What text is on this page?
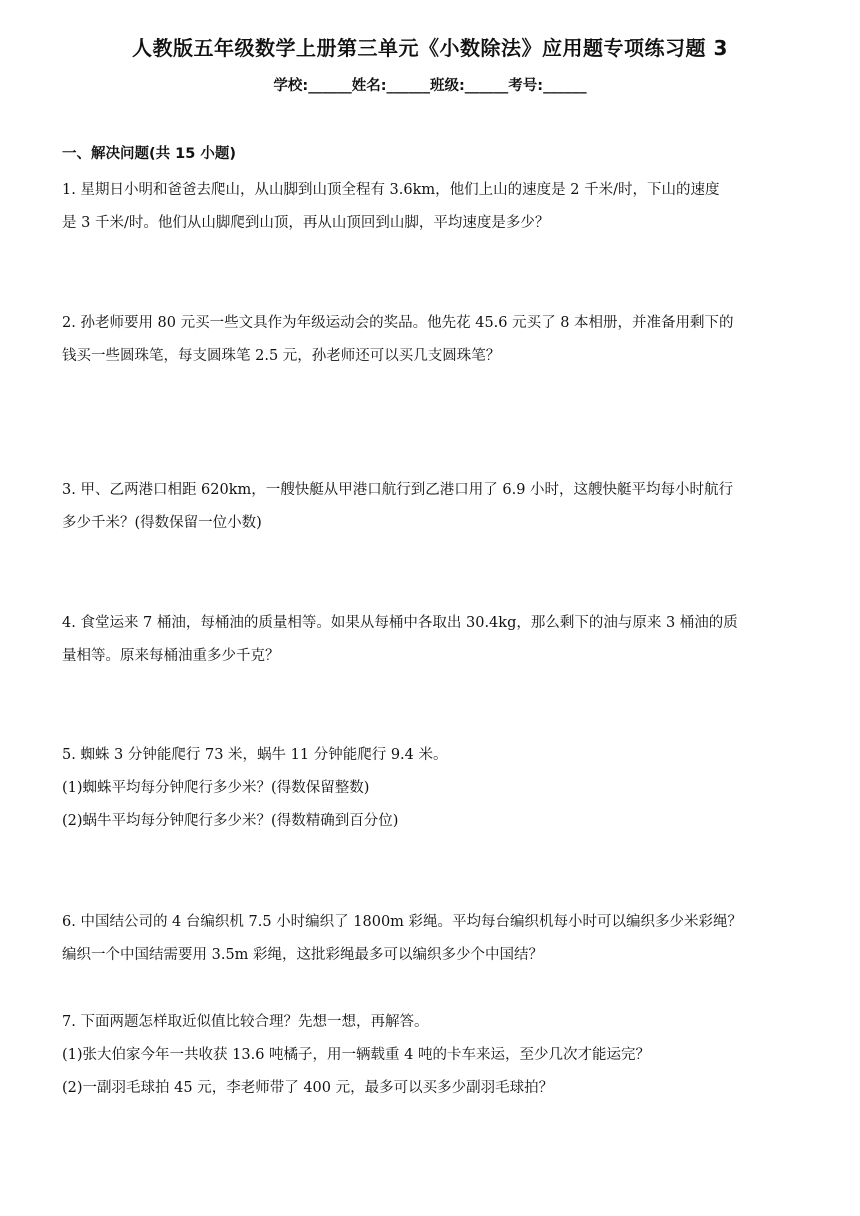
人教版五年级数学上册第三单元《小数除法》应用题专项练习题 3
学校:______姓名:______班级:______考号:______
一、解决问题(共 15 小题)
1. 星期日小明和爸爸去爬山，从山脚到山顶全程有 3.6km，他们上山的速度是 2 千米/时，下山的速度
是 3 千米/时。他们从山脚爬到山顶，再从山顶回到山脚，平均速度是多少？
2. 孙老师要用 80 元买一些文具作为年级运动会的奖品。他先花 45.6 元买了 8 本相册，并准备用剩下的
钱买一些圆珠笔，每支圆珠笔 2.5 元，孙老师还可以买几支圆珠笔？
3. 甲、乙两港口相距 620km，一艘快艇从甲港口航行到乙港口用了 6.9 小时，这艘快艇平均每小时航行
多少千米？(得数保留一位小数)
4. 食堂运来 7 桶油，每桶油的质量相等。如果从每桶中各取出 30.4kg，那么剩下的油与原来 3 桶油的质
量相等。原来每桶油重多少千克？
5. 蜘蛛 3 分钟能爬行 73 米，蜗牛 11 分钟能爬行 9.4 米。
(1)蜘蛛平均每分钟爬行多少米？(得数保留整数)
(2)蜗牛平均每分钟爬行多少米？(得数精确到百分位)
6. 中国结公司的 4 台编织机 7.5 小时编织了 1800m 彩绳。平均每台编织机每小时可以编织多少米彩绳？
编织一个中国结需要用 3.5m 彩绳，这批彩绳最多可以编织多少个中国结？
7. 下面两题怎样取近似值比较合理？先想一想，再解答。
(1)张大伯家今年一共收获 13.6 吨橘子，用一辆载重 4 吨的卡车来运，至少几次才能运完？
(2)一副羽毛球拍 45 元，李老师带了 400 元，最多可以买多少副羽毛球拍？
